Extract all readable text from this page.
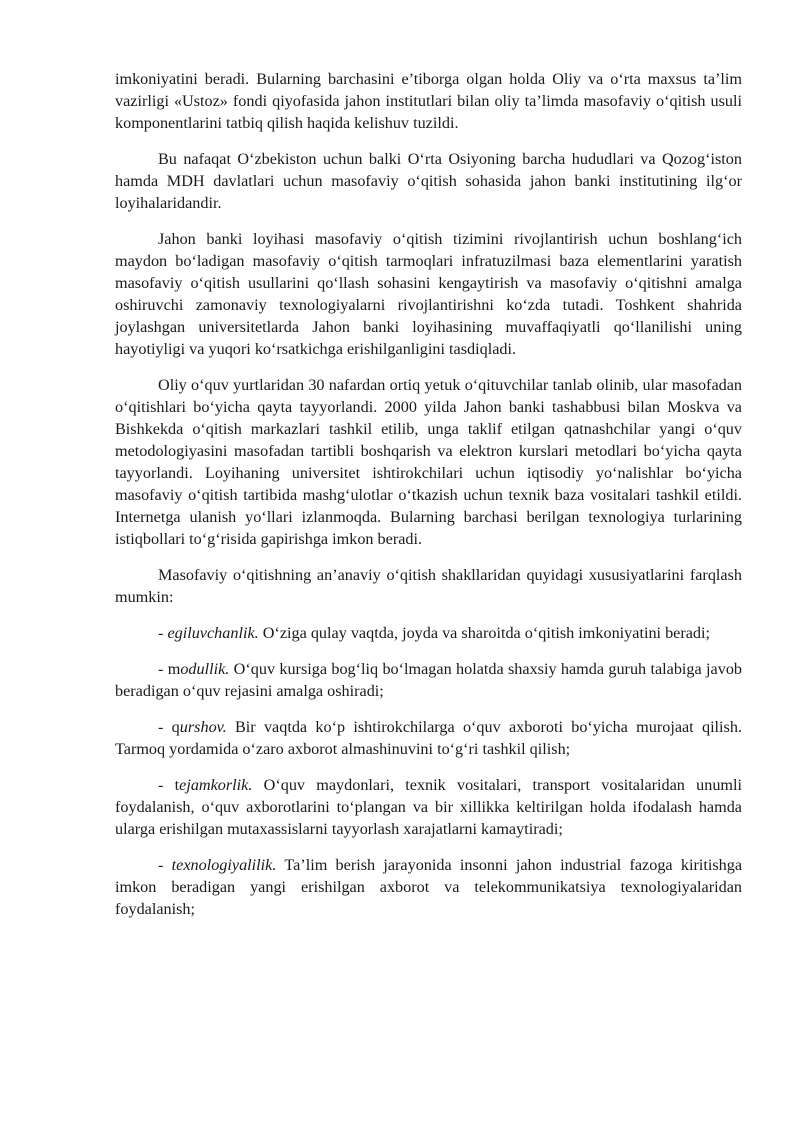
imkoniyatini beradi. Bularning barchasini e’tiborga olgan holda Oliy va o‘rta maxsus ta’lim vazirligi «Ustoz» fondi qiyofasida jahon institutlari bilan oliy ta’limda masofaviy o‘qitish usuli komponentlarini tatbiq qilish haqida kelishuv tuzildi.

Bu nafaqat O‘zbekiston uchun balki O‘rta Osiyoning barcha hududlari va Qozog‘iston hamda MDH davlatlari uchun masofaviy o‘qitish sohasida jahon banki institutining ilg‘or loyihalaridandir.

Jahon banki loyihasi masofaviy o‘qitish tizimini rivojlantirish uchun boshlang‘ich maydon bo‘ladigan masofaviy o‘qitish tarmoqlari infratuzilmasi baza elementlarini yaratish masofaviy o‘qitish usullarini qo‘llash sohasini kengaytirish va masofaviy o‘qitishni amalga oshiruvchi zamonaviy texnologiyalarni rivojlantirishni ko‘zda tutadi. Toshkent shahrida joylashgan universitetlarda Jahon banki loyihasining muvaffaqiyatli qo‘llanilishi uning hayotiyligi va yuqori ko‘rsatkichga erishilganligini tasdiqladi.

Oliy o‘quv yurtlaridan 30 nafardan ortiq yetuk o‘qituvchilar tanlab olinib, ular masofadan o‘qitishlari bo‘yicha qayta tayyorlandi. 2000 yilda Jahon banki tashabbusi bilan Moskva va Bishkekda o‘qitish markazlari tashkil etilib, unga taklif etilgan qatnashchilar yangi o‘quv metodologiyasini masofadan tartibli boshqarish va elektron kurslari metodlari bo‘yicha qayta tayyorlandi. Loyihaning universitet ishtirokchilari uchun iqtisodiy yo‘nalishlar bo‘yicha masofaviy o‘qitish tartibida mashg‘ulotlar o‘tkazish uchun texnik baza vositalari tashkil etildi. Internetga ulanish yo‘llari izlanmoqda. Bularning barchasi berilgan texnologiya turlarining istiqbollari to‘g‘risida gapirishga imkon beradi.

Masofaviy o‘qitishning an’anaviy o‘qitish shakllaridan quyidagi xususiyatlarini farqlash mumkin:

- egiluvchanlik. O‘ziga qulay vaqtda, joyda va sharoitda o‘qitish imkoniyatini beradi;

- modullik. O‘quv kursiga bog‘liq bo‘lmagan holatda shaxsiy hamda guruh talabiga javob beradigan o‘quv rejasini amalga oshiradi;

- qurshov. Bir vaqtda ko‘p ishtirokchilarga o‘quv axboroti bo‘yicha murojaat qilish. Tarmoq yordamida o‘zaro axborot almashinuvini to‘g‘ri tashkil qilish;

- tejamkorlik. O‘quv maydonlari, texnik vositalari, transport vositalaridan unumli foydalanish, o‘quv axborotlarini to‘plangan va bir xillikka keltirilgan holda ifodalash hamda ularga erishilgan mutaxassislarni tayyorlash xarajatlarni kamaytiradi;

- texnologiyalilik. Ta’lim berish jarayonida insonni jahon industrial fazoga kiritishga imkon beradigan yangi erishilgan axborot va telekommunikatsiya texnologiyalaridan foydalanish;
